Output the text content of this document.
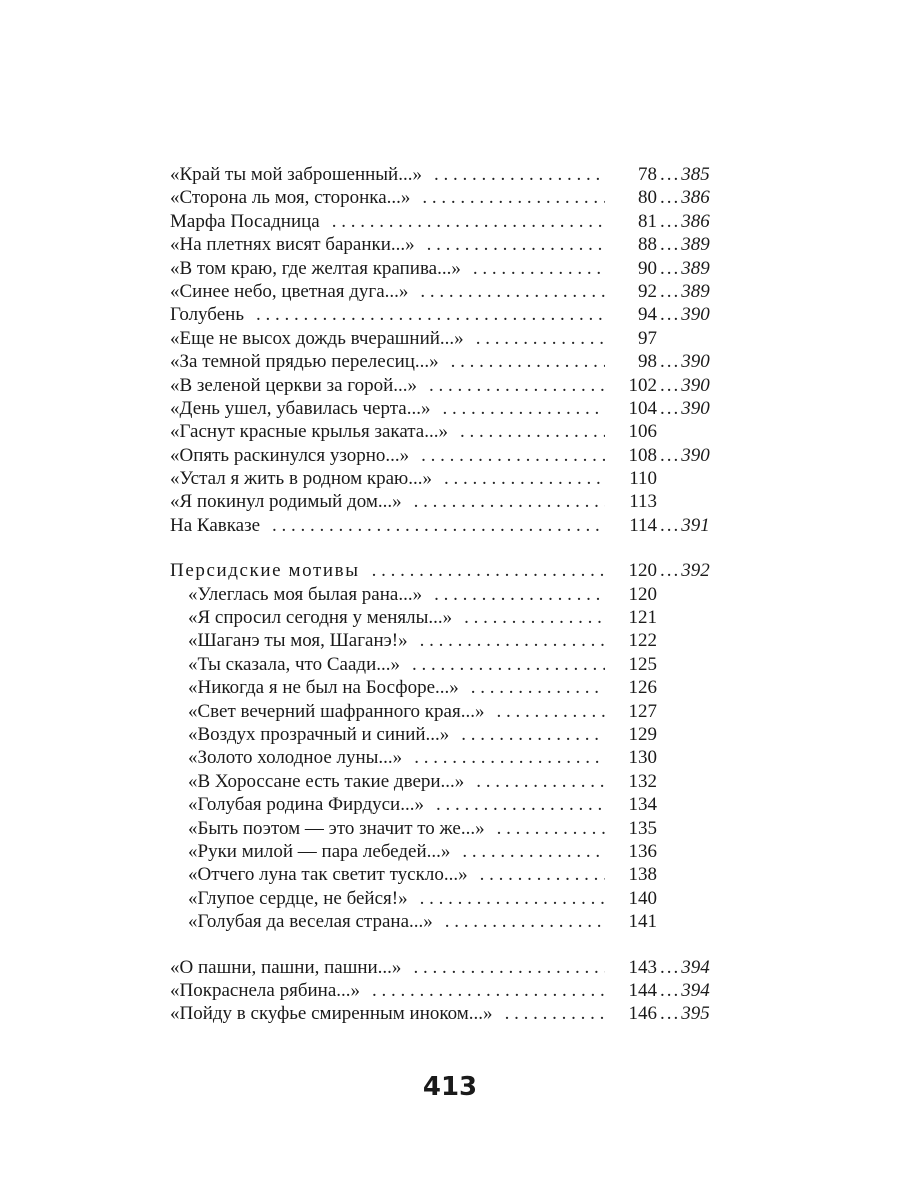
«Край ты мой заброшенный...» . . .	78 ... 385
«Сторона ль моя, сторонка...» . . .	80 ... 386
Марфа Посадница . . .	81 ... 386
«На плетнях висят баранки...» . . .	88 ... 389
«В том краю, где желтая крапива...» . . .	90 ... 389
«Синее небо, цветная дуга...» . . .	92 ... 389
Голубень . . .	94 ... 390
«Еще не высох дождь вчерашний...» . . .	97
«За темной прядью перелесиц...» . . .	98 ... 390
«В зеленой церкви за горой...» . . .	102 ... 390
«День ушел, убавилась черта...» . . .	104 ... 390
«Гаснут красные крылья заката...» . . .	106
«Опять раскинулся узорно...» . . .	108 ... 390
«Устал я жить в родном краю...» . . .	110
«Я покинул родимый дом...» . . .	113
На Кавказе . . .	114 ... 391
Персидские мотивы . . .	120 ... 392
«Улеглась моя былая рана...» . . .	120
«Я спросил сегодня у менялы...» . . .	121
«Шаганэ ты моя, Шаганэ!» . . .	122
«Ты сказала, что Саади...» . . .	125
«Никогда я не был на Босфоре...» . . .	126
«Свет вечерний шафранного края...» . . .	127
«Воздух прозрачный и синий...» . . .	129
«Золото холодное луны...» . . .	130
«В Хороссане есть такие двери...» . . .	132
«Голубая родина Фирдуси...» . . .	134
«Быть поэтом — это значит то же...» . . .	135
«Руки милой — пара лебедей...» . . .	136
«Отчего луна так светит тускло...» . . .	138
«Глупое сердце, не бейся!» . . .	140
«Голубая да веселая страна...» . . .	141
«О пашни, пашни, пашни...» . . .	143 ... 394
«Покраснела рябина...» . . .	144 ... 394
«Пойду в скуфье смиренным иноком...» . . .	146 ... 395
413
